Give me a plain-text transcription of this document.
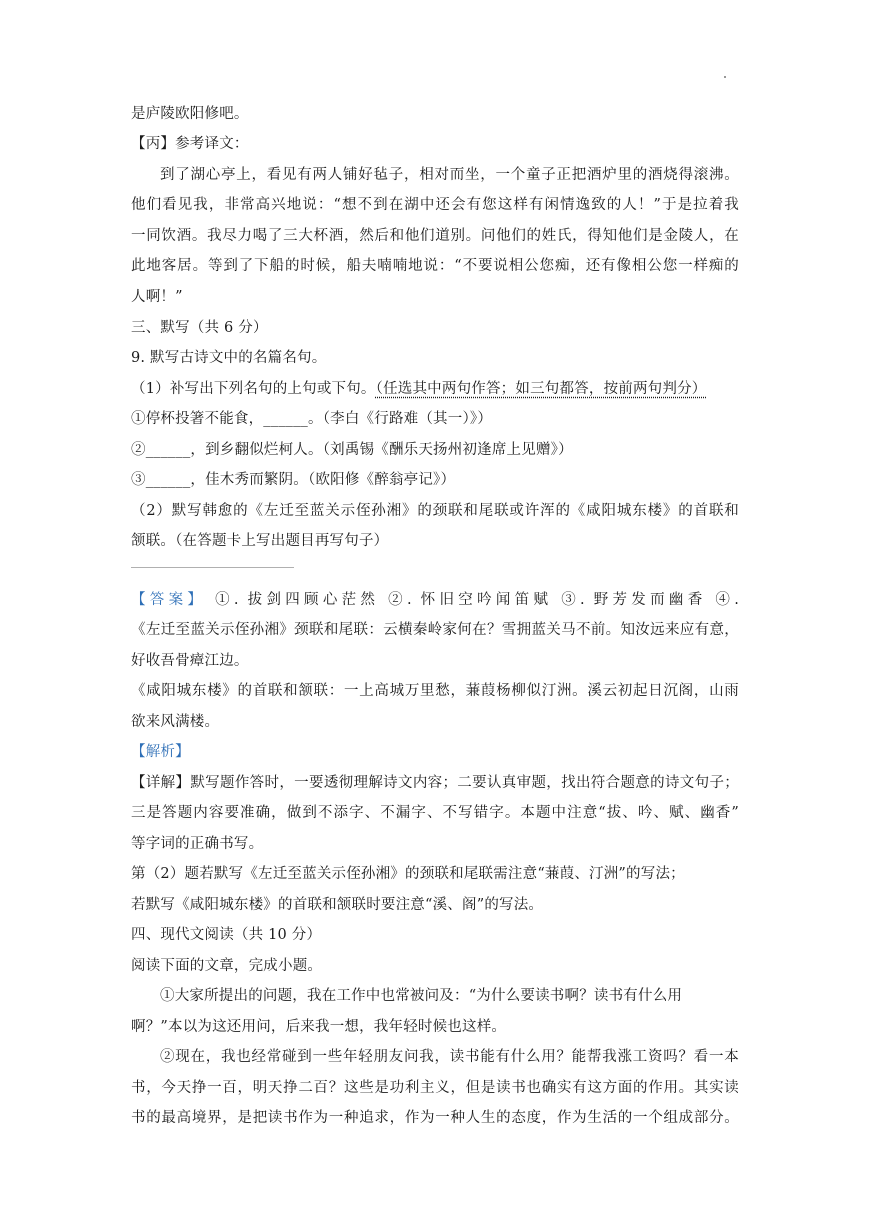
是庐陵欧阳修吧。
【丙】参考译文：
到了湖心亭上，看见有两人铺好毡子，相对而坐，一个童子正把酒炉里的酒烧得滚沸。
他们看见我，非常高兴地说：“想不到在湖中还会有您这样有闲情逸致的人！”于是拉着我
一同饮酒。我尽力喝了三大杯酒，然后和他们道别。问他们的姓氏，得知他们是金陵人，在
此地客居。等到了下船的时候，船夫喃喃地说：“不要说相公您痴，还有像相公您一样痴的
人啊！”
三、默写（共 6 分）
9. 默写古诗文中的名篇名句。
（1）补写出下列名句的上句或下句。（任选其中两句作答；如三句都答，按前两句判分）
①停杯投箸不能食，______。（李白《行路难（其一）》）
②______，到乡翻似烂柯人。（刘禹锡《酬乐天扬州初逢席上见赠》）
③______，佳木秀而繁阴。（欧阳修《醉翁亭记》）
（2）默写韩愈的《左迁至蓝关示侄孙湘》的颈联和尾联或许浑的《咸阳城东楼》的首联和
颔联。（在答题卡上写出题目再写句子）
【答案】 ①. 拔剑四顾心茫然 ②. 怀旧空吟闻笛赋 ③. 野芳发而幽香 ④.
《左迁至蓝关示侄孙湘》颈联和尾联：云横秦岭家何在？雪拥蓝关马不前。知汝远来应有意，
好收吾骨瘴江边。
《咸阳城东楼》的首联和颔联：一上高城万里愁，蒹葭杨柳似汀洲。溪云初起日沉阁，山雨
欲来风满楼。
【解析】
【详解】默写题作答时，一要透彻理解诗文内容；二要认真审题，找出符合题意的诗文句子；
三是答题内容要准确，做到不添字、不漏字、不写错字。本题中注意“拔、吟、赋、幽香”
等字词的正确书写。
第（2）题若默写《左迁至蓝关示侄孙湘》的颈联和尾联需注意“蒹葭、汀洲”的写法；
若默写《咸阳城东楼》的首联和颔联时要注意“溪、阁”的写法。
四、现代文阅读（共 10 分）
阅读下面的文章，完成小题。
①大家所提出的问题，我在工作中也常被问及：“为什么要读书啊？读书有什么用
啊？”本以为这还用问，后来我一想，我年轻时候也这样。
②现在，我也经常碰到一些年轻朋友问我，读书能有什么用？能帮我涨工资吗？看一本
书，今天挣一百，明天挣二百？这些是功利主义，但是读书也确实有这方面的作用。其实读
书的最高境界，是把读书作为一种追求，作为一种人生的态度，作为生活的一个组成部分。
